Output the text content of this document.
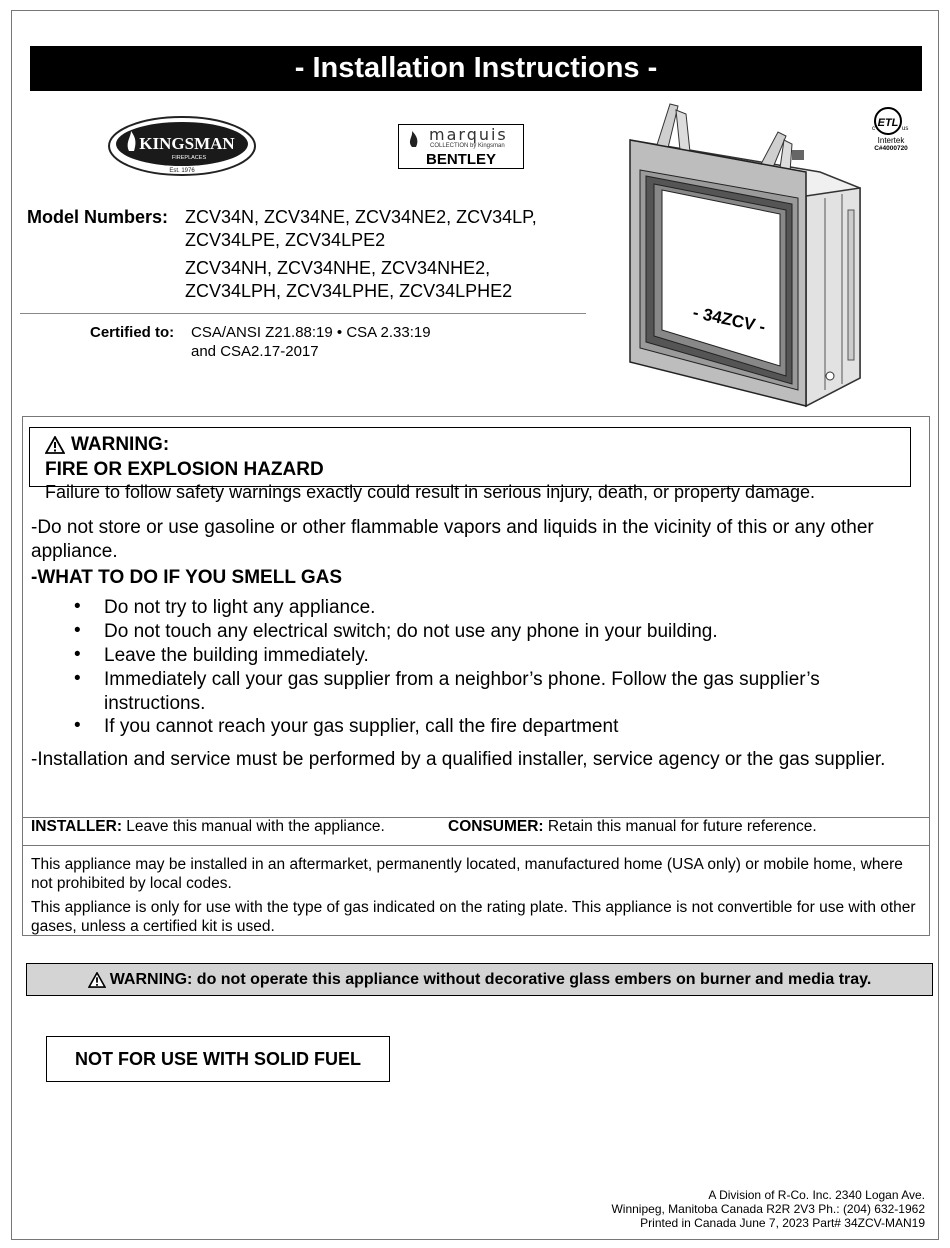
- Installation Instructions -
KINGSMAN
FIREPLACES
Est. 1976
marquis
COLLECTION by Kingsman
BENTLEY
ETL
c	us
Intertek
C#4000720
- 34ZCV -
Model Numbers: ZCV34N, ZCV34NE, ZCV34NE2, ZCV34LP,
ZCV34LPE, ZCV34LPE2
ZCV34NH, ZCV34NHE, ZCV34NHE2,
ZCV34LPH, ZCV34LPHE, ZCV34LPHE2
Certified to: CSA/ANSI Z21.88:19 • CSA 2.33:19
and CSA2.17-2017
WARNING:
FIRE OR EXPLOSION HAZARD
Failure to follow safety warnings exactly could result in serious injury, death, or property damage.
-Do not store or use gasoline or other flammable vapors and liquids in the vicinity of this or any other appliance.
-WHAT TO DO IF YOU SMELL GAS
• Do not try to light any appliance.
• Do not touch any electrical switch; do not use any phone in your building.
• Leave the building immediately.
• Immediately call your gas supplier from a neighbor’s phone. Follow the gas supplier’s instructions.
• If you cannot reach your gas supplier, call the fire department
-Installation and service must be performed by a qualified installer, service agency or the gas supplier.
INSTALLER: Leave this manual with the appliance.	CONSUMER: Retain this manual for future reference.
This appliance may be installed in an aftermarket, permanently located, manufactured home (USA only) or mobile home, where not prohibited by local codes.
This appliance is only for use with the type of gas indicated on the rating plate. This appliance is not convertible for use with other gases, unless a certified kit is used.
WARNING: do not operate this appliance without decorative glass embers on burner and media tray.
NOT FOR USE WITH SOLID FUEL
A Division of R-Co. Inc. 2340 Logan Ave.
Winnipeg, Manitoba Canada R2R 2V3 Ph.: (204) 632-1962
Printed in Canada June 7, 2023 Part# 34ZCV-MAN19
